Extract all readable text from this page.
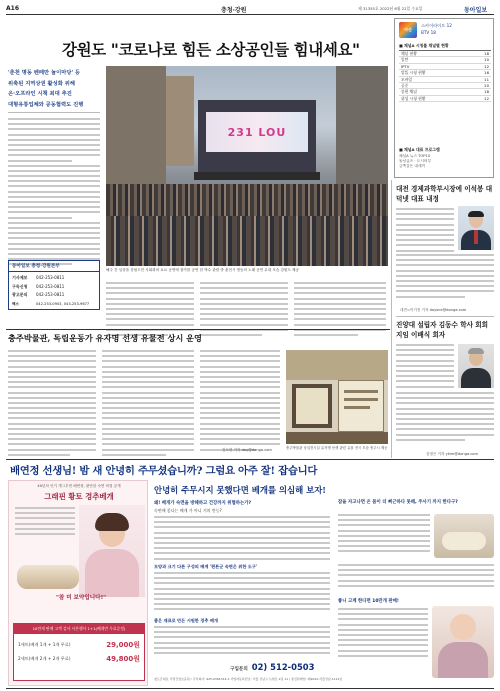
A16	충청·강원	제 31355호 2022년 6월 22일 수요일	동아일보
강원도 "코로나로 힘든 소상공인들 힘내세요"
'춘천 명동 벤떼만 놀이마당' 등
위축된 지역상권 활성화 위해
온·오프라인 시책 최대 추진
대형유통업체와 공동협력도 진행
동아일보 충청·강원본부
기사제보	042-253-0811
구독신청	042-253-0811
광고문의	042-253-0811
팩스	042-253-0903, 043-253-9677
231 LOU
해주 간 일상을 강원도민 사회화의 요요 공연에 참가를 공연 한 박수 관람 중 춘천시 명동의 노래 공연 무대 모습 강원도 제공
아산
스카이라이프 12
BTV 18
■ 채널A 시청률 채널별 현황
채널 현황	18
일반	10
IPTV	12
알뜰 시청 현황	16
모바일	11
공중	20
종편 채널	18
위성 시청 현황	12
■ 채널A 대표 프로그램
채널A 뉴스 TOP10
돌싱글즈 · 도시어부
금쪽같은 내새끼
대전 경제과학부시장에 이석봉 대덕넷 대표 내정
대전=이기진 기자 doyoce@donga.com
진양대 설립자 김동수 학사 회회지임 이배식 회자
김영곤 기자 ykim@donga.com
충주박물관, 독립운동가 유자명 선생 유물전 상시 운영
김도헌 기자 doy@donga.com	충주박물관 상설전시실 유자명 선생 관련 유물 전시 모습 충주시 제공
배연정 선생님! 밤 새 안녕히 주무셨습니까? 그럼요 아주 잘! 잡습니다
40년차 인기 개그우먼 배연정, 편안한 숙면 비결 공개
그래핀 황토 경추베개
"참 미 보약입니다!"
10만개 판매 고객 감사 사은행사 1+1(베개만 무료증정)
1세트(베개 1개 + 1개 무료)	29,000원
2세트(베개 2개 + 2개 무료)	49,800원
안녕히 주무시지 못했다면 베개를 의심해 보자!
왜! 베개가 숙면을 방해하고 건강까지 위협하는가?
숙면에 좋다는 베개 가 아니 거의 만능?
모양과 크기 다른 구성의 배게 '편튼군 숙면은 위한 도구'
좋은 재료로 만든 시원한 경추 베개
구입문의 02) 512-0503
청도군대표 국정건장보증원 / 주식회사: 925-0381314-1 사업자등록번호: 서울 강남구 논현로 2길 11 / 통신판매업: 제2022-서울강남-1112호
잠을 자고나면 온 몸이 더 뻐근하다 못해, 주사기 까지 한다구?
좋니 고계 한다면 10만개 판매!
